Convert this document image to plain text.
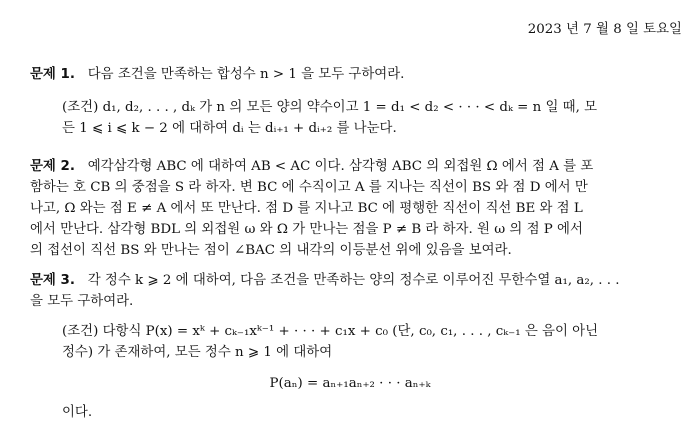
2023 년 7 월 8 일 토요일
문제 1. 다음 조건을 만족하는 합성수 n > 1 을 모두 구하여라.
(조건) d₁, d₂, . . . , dₖ 가 n 의 모든 양의 약수이고 1 = d₁ < d₂ < · · · < dₖ = n 일 때, 모
든 1 ⩽ i ⩽ k − 2 에 대하여 dᵢ 는 dᵢ₊₁ + dᵢ₊₂ 를 나눈다.
문제 2. 예각삼각형 ABC 에 대하여 AB < AC 이다. 삼각형 ABC 의 외접원 Ω 에서 점 A 를 포
함하는 호 CB 의 중점을 S 라 하자. 변 BC 에 수직이고 A 를 지나는 직선이 BS 와 점 D 에서 만
나고, Ω 와는 점 E ≠ A 에서 또 만난다. 점 D 를 지나고 BC 에 평행한 직선이 직선 BE 와 점 L
에서 만난다. 삼각형 BDL 의 외접원 ω 와 Ω 가 만나는 점을 P ≠ B 라 하자. 원 ω 의 점 P 에서
의 접선이 직선 BS 와 만나는 점이 ∠BAC 의 내각의 이등분선 위에 있음을 보여라.
문제 3. 각 정수 k ⩾ 2 에 대하여, 다음 조건을 만족하는 양의 정수로 이루어진 무한수열 a₁, a₂, . . .
을 모두 구하여라.
(조건) 다항식 P(x) = xᵏ + cₖ₋₁xᵏ⁻¹ + · · · + c₁x + c₀ (단, c₀, c₁, . . . , cₖ₋₁ 은 음이 아닌
정수) 가 존재하여, 모든 정수 n ⩾ 1 에 대하여
P(aₙ) = aₙ₊₁aₙ₊₂ · · · aₙ₊ₖ
이다.
